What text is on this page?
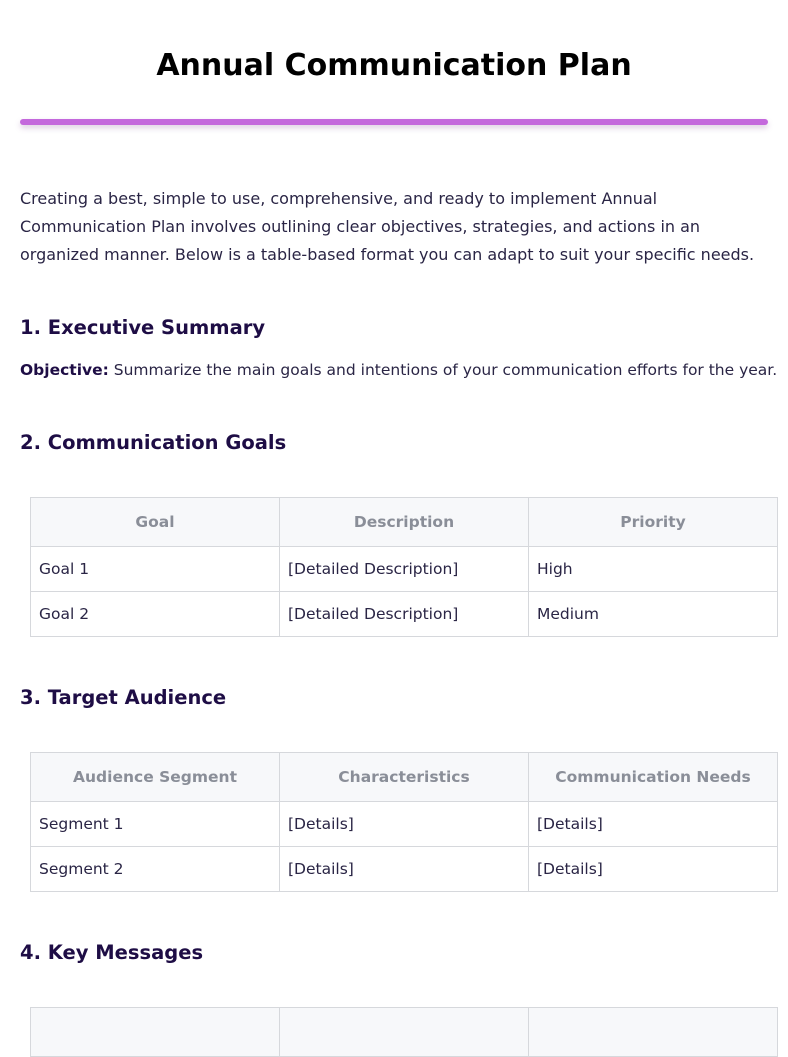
Annual Communication Plan

Creating a best, simple to use, comprehensive, and ready to implement Annual Communication Plan involves outlining clear objectives, strategies, and actions in an organized manner. Below is a table-based format you can adapt to suit your specific needs.

1. Executive Summary

Objective: Summarize the main goals and intentions of your communication efforts for the year.

2. Communication Goals
Goal	Description	Priority
Goal 1	[Detailed Description]	High
Goal 2	[Detailed Description]	Medium
3. Target Audience
Audience Segment	Characteristics	Communication Needs
Segment 1	[Details]	[Details]
Segment 2	[Details]	[Details]
4. Key Messages
